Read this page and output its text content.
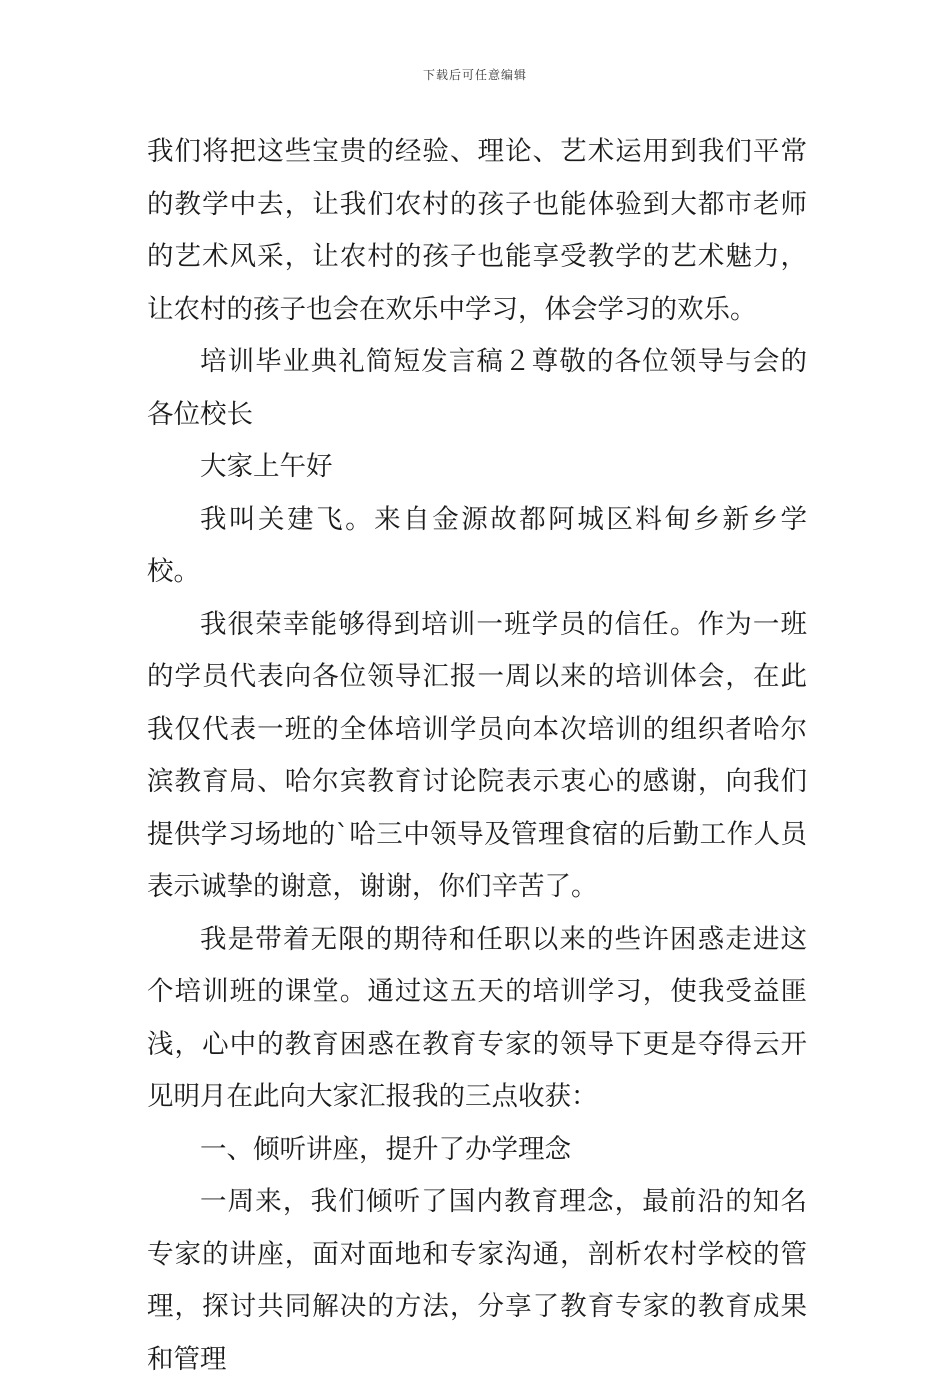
下载后可任意编辑

我们将把这些宝贵的经验、理论、艺术运用到我们平常的教学中去，让我们农村的孩子也能体验到大都市老师的艺术风采，让农村的孩子也能享受教学的艺术魅力，让农村的孩子也会在欢乐中学习，体会学习的欢乐。

培训毕业典礼简短发言稿２尊敬的各位领导与会的各位校长

大家上午好

我叫关建飞。来自金源故都阿城区料甸乡新乡学校。

我很荣幸能够得到培训一班学员的信任。作为一班的学员代表向各位领导汇报一周以来的培训体会，在此我仅代表一班的全体培训学员向本次培训的组织者哈尔滨教育局、哈尔宾教育讨论院表示衷心的感谢，向我们提供学习场地的`哈三中领导及管理食宿的后勤工作人员表示诚挚的谢意，谢谢，你们辛苦了。

我是带着无限的期待和任职以来的些许困惑走进这个培训班的课堂。通过这五天的培训学习，使我受益匪浅，心中的教育困惑在教育专家的领导下更是夺得云开见明月在此向大家汇报我的三点收获：

一、倾听讲座，提升了办学理念

一周来，我们倾听了国内教育理念，最前沿的知名专家的讲座，面对面地和专家沟通，剖析农村学校的管理，探讨共同解决的方法，分享了教育专家的教育成果和管理
